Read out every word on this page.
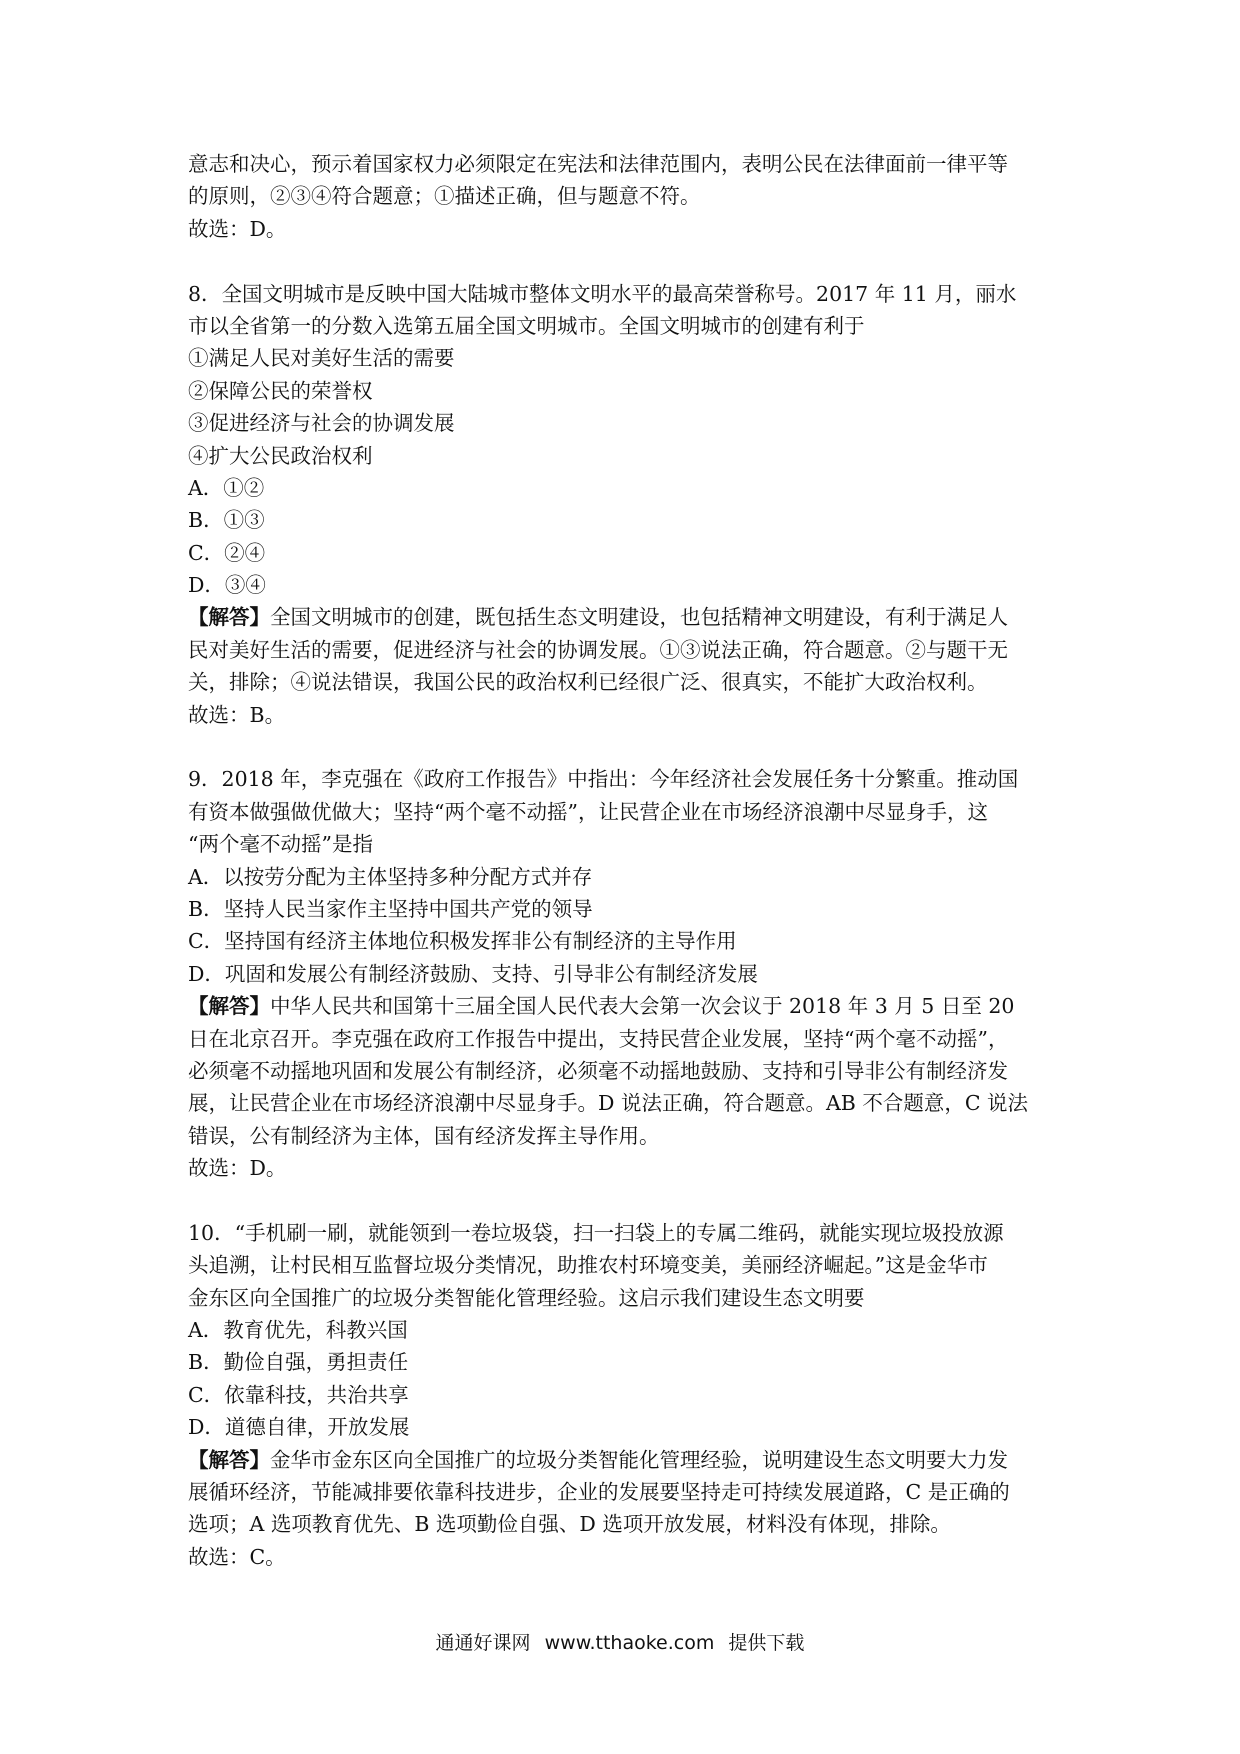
意志和决心，预示着国家权力必须限定在宪法和法律范围内，表明公民在法律面前一律平等
的原则，②③④符合题意；①描述正确，但与题意不符。
故选：D。
8．全国文明城市是反映中国大陆城市整体文明水平的最高荣誉称号。2017 年 11 月，丽水
市以全省第一的分数入选第五届全国文明城市。全国文明城市的创建有利于
①满足人民对美好生活的需要
②保障公民的荣誉权
③促进经济与社会的协调发展
④扩大公民政治权利
A．①②
B．①③
C．②④
D．③④
【解答】全国文明城市的创建，既包括生态文明建设，也包括精神文明建设，有利于满足人
民对美好生活的需要，促进经济与社会的协调发展。①③说法正确，符合题意。②与题干无
关，排除；④说法错误，我国公民的政治权利已经很广泛、很真实，不能扩大政治权利。
故选：B。
9．2018 年，李克强在《政府工作报告》中指出：今年经济社会发展任务十分繁重。推动国
有资本做强做优做大；坚持“两个毫不动摇”，让民营企业在市场经济浪潮中尽显身手，这
“两个毫不动摇”是指
A．以按劳分配为主体坚持多种分配方式并存
B．坚持人民当家作主坚持中国共产党的领导
C．坚持国有经济主体地位积极发挥非公有制经济的主导作用
D．巩固和发展公有制经济鼓励、支持、引导非公有制经济发展
【解答】中华人民共和国第十三届全国人民代表大会第一次会议于 2018 年 3 月 5 日至 20
日在北京召开。李克强在政府工作报告中提出，支持民营企业发展，坚持“两个毫不动摇”，
必须毫不动摇地巩固和发展公有制经济，必须毫不动摇地鼓励、支持和引导非公有制经济发
展，让民营企业在市场经济浪潮中尽显身手。D 说法正确，符合题意。AB 不合题意，C 说法
错误，公有制经济为主体，国有经济发挥主导作用。
故选：D。
10．“手机刷一刷，就能领到一卷垃圾袋，扫一扫袋上的专属二维码，就能实现垃圾投放源
头追溯，让村民相互监督垃圾分类情况，助推农村环境变美，美丽经济崛起。”这是金华市
金东区向全国推广的垃圾分类智能化管理经验。这启示我们建设生态文明要
A．教育优先，科教兴国
B．勤俭自强，勇担责任
C．依靠科技，共治共享
D．道德自律，开放发展
【解答】金华市金东区向全国推广的垃圾分类智能化管理经验，说明建设生态文明要大力发
展循环经济，节能减排要依靠科技进步，企业的发展要坚持走可持续发展道路，C 是正确的
选项；A 选项教育优先、B 选项勤俭自强、D 选项开放发展，材料没有体现，排除。
故选：C。
通通好课网 www.tthaoke.com 提供下载
